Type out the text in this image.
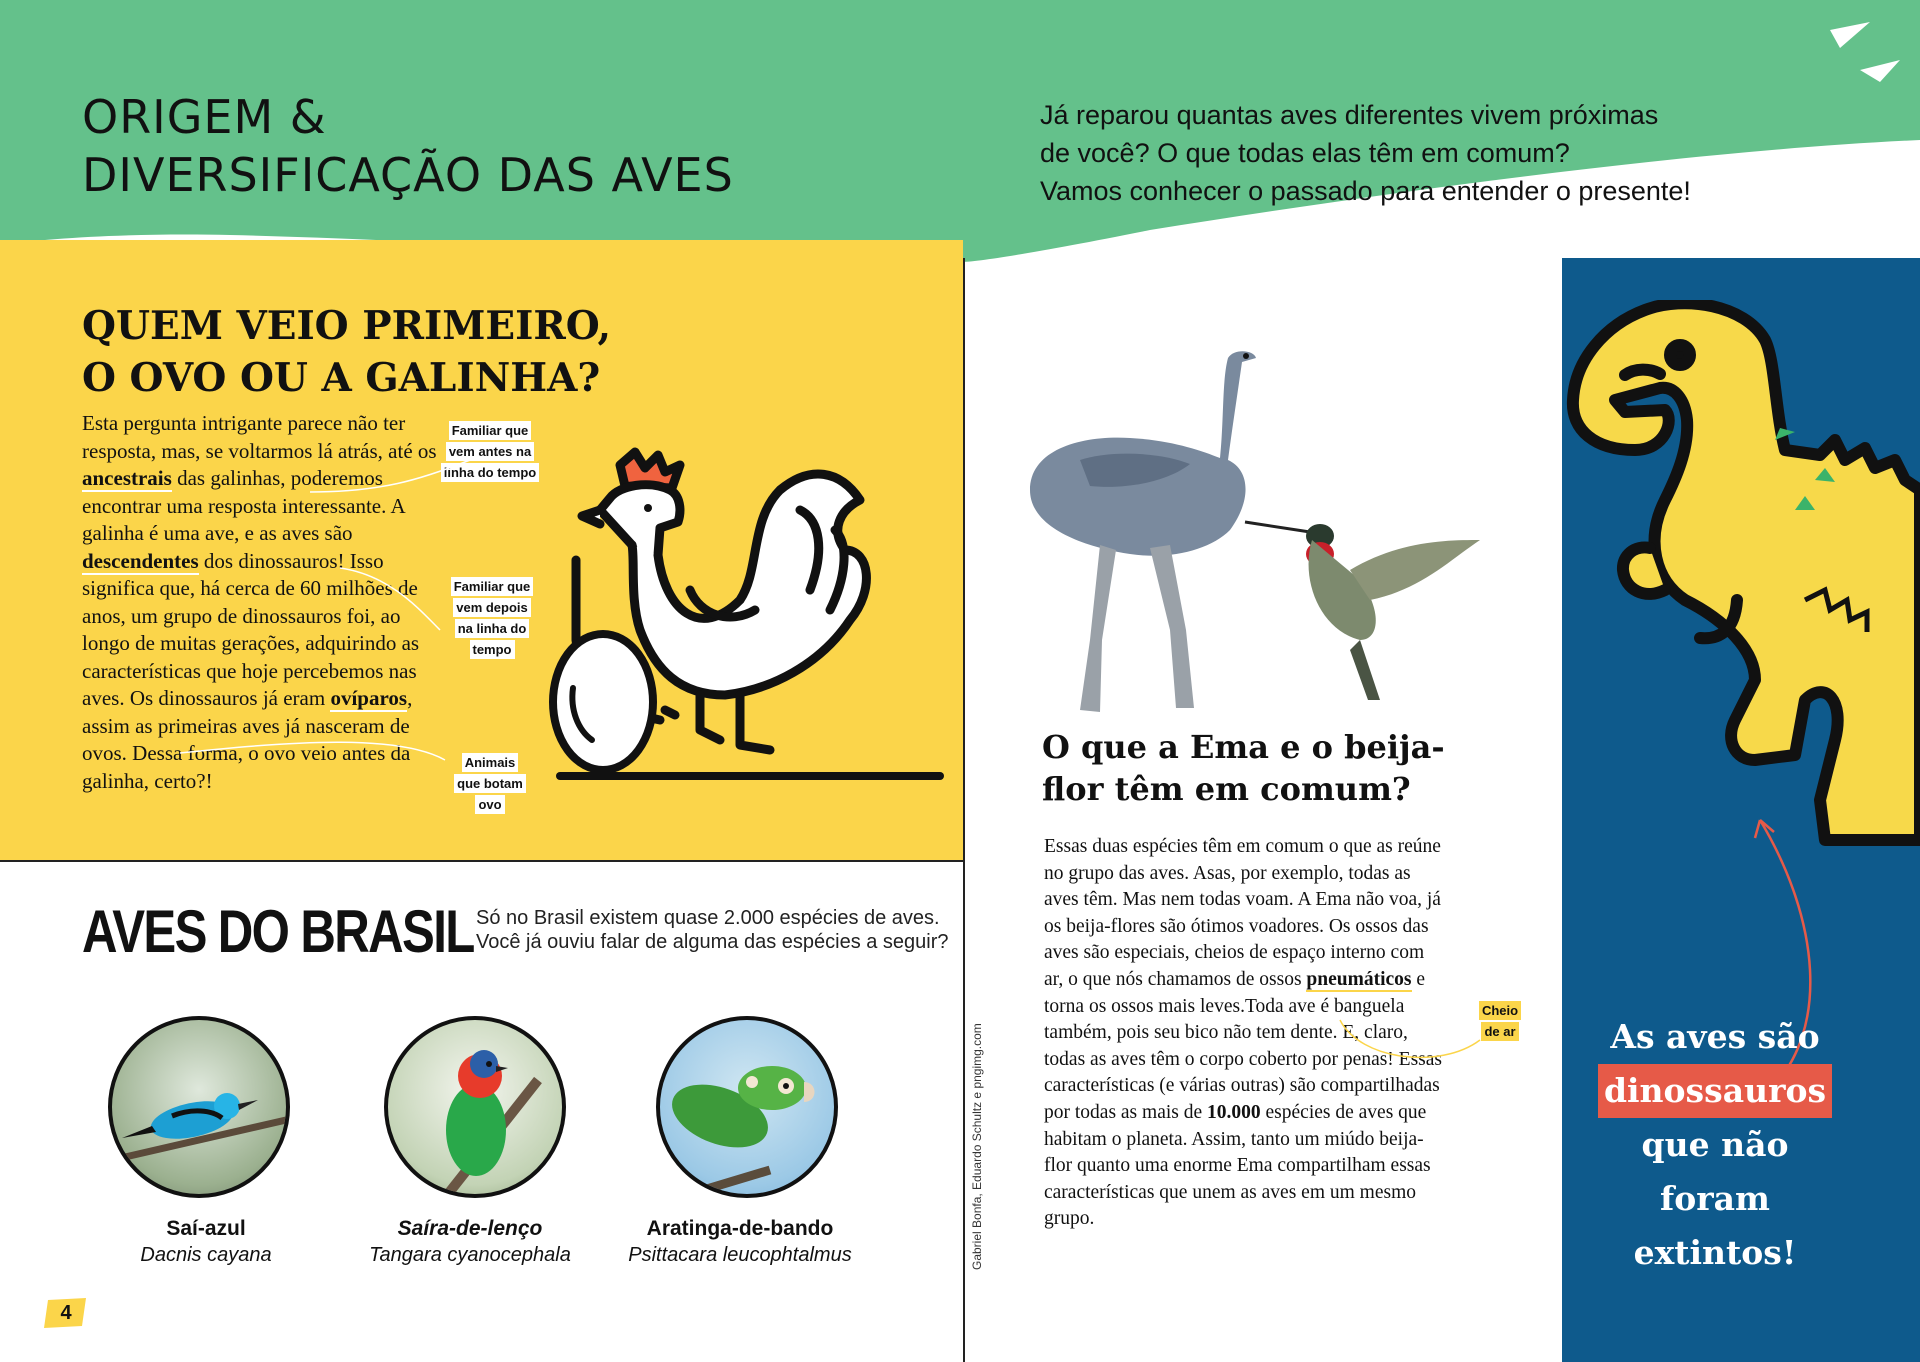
ORIGEM &
DIVERSIFICAÇÃO DAS AVES
Já reparou quantas aves diferentes vivem próximas
de você? O que todas elas têm em comum?
Vamos conhecer o passado para entender o presente!
QUEM VEIO PRIMEIRO,
O OVO OU A GALINHA?
Esta pergunta intrigante parece não ter resposta, mas, se voltarmos lá atrás, até os ancestrais das galinhas, poderemos encontrar uma resposta interessante. A galinha é uma ave, e as aves são descendentes dos dinossauros! Isso significa que, há cerca de 60 milhões de anos, um grupo de dinossauros foi, ao longo de muitas gerações, adquirindo as características que hoje percebemos nas aves. Os dinossauros já eram ovíparos, assim as primeiras aves já nasceram de ovos. Dessa forma, o ovo veio antes da galinha, certo?!
Familiar que
vem antes na
linha do tempo
Familiar que
vem depois
na linha do
tempo
Animais
que botam
ovo
AVES DO BRASIL Só no Brasil existem quase 2.000 espécies de aves.
Você já ouviu falar de alguma das espécies a seguir?
Saí-azul
Dacnis cayana
Saíra-de-lenço
Tangara cyanocephala
Aratinga-de-bando
Psittacara leucophtalmus
4
Gabriel Bonfa, Eduardo Schultz e pngimg.com
O que a Ema e o beija-
flor têm em comum?
Essas duas espécies têm em comum o que as reúne no grupo das aves. Asas, por exemplo, todas as aves têm. Mas nem todas voam. A Ema não voa, já os beija-flores são ótimos voadores. Os ossos das aves são especiais, cheios de espaço interno com ar, o que nós chamamos de ossos pneumáticos e torna os ossos mais leves.Toda ave é banguela também, pois seu bico não tem dente. E, claro, todas as aves têm o corpo coberto por penas! Essas características (e várias outras) são compartilhadas por todas as mais de 10.000 espécies de aves que habitam o planeta. Assim, tanto um miúdo beija-flor quanto uma enorme Ema compartilham essas características que unem as aves em um mesmo grupo.
Cheio
de ar	As aves são
dinossauros
que não
foram
extintos!
